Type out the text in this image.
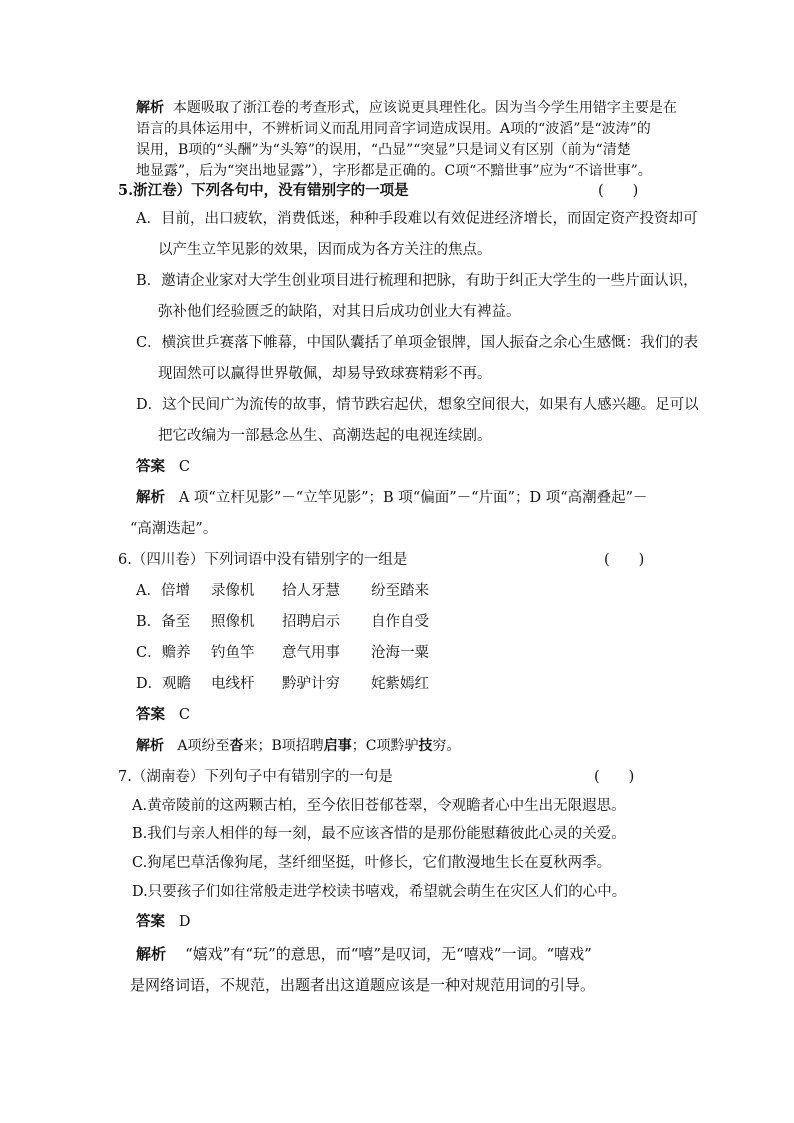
解析 本题吸取了浙江卷的考查形式，应该说更具理性化。因为当今学生用错字主要是在
语言的具体运用中，不辨析词义而乱用同音字词造成误用。A项的“波滔”是“波涛”的
误用，B项的“头酬”为“头筹”的误用，“凸显”“突显”只是词义有区别（前为“清楚
地显露”，后为“突出地显露”），字形都是正确的。C项“不黯世事”应为“不谙世事”。
5.浙江卷）下列各句中，没有错别字的一项是	(　　)
A．目前，出口疲软，消费低迷，种种手段难以有效促进经济增长，而固定资产投资却可
以产生立竿见影的效果，因而成为各方关注的焦点。
B．邀请企业家对大学生创业项目进行梳理和把脉，有助于纠正大学生的一些片面认识，
弥补他们经验匮乏的缺陷，对其日后成功创业大有裨益。
C．横滨世乒赛落下帷幕，中国队囊括了单项金银牌，国人振奋之余心生感慨：我们的表
现固然可以赢得世界敬佩，却易导致球赛精彩不再。
D．这个民间广为流传的故事，情节跌宕起伏，想象空间很大，如果有人感兴趣。足可以
把它改编为一部悬念丛生、高潮迭起的电视连续剧。
答案 C
解析 A 项“立杆见影”－“立竿见影”；B 项“偏面”－“片面”；D 项“高潮叠起”－
“高潮迭起”。
6.（四川卷）下列词语中没有错别字的一组是	(　　)
A．倍增 录像机 拾人牙慧 纷至踏来
B．备至 照像机 招聘启示 自作自受
C．赡养 钓鱼竿 意气用事 沧海一粟
D．观瞻 电线杆 黔驴计穷 姹紫嫣红
答案 C
解析 A项纷至沓来；B项招聘启事；C项黔驴技穷。
7.（湖南卷）下列句子中有错别字的一句是	(　　)
A.黄帝陵前的这两颗古柏，至今依旧苍郁苍翠，令观瞻者心中生出无限遐思。
B.我们与亲人相伴的每一刻，最不应该吝惜的是那份能慰藉彼此心灵的关爱。
C.狗尾巴草活像狗尾，茎纤细坚挺，叶修长，它们散漫地生长在夏秋两季。
D.只要孩子们如往常般走进学校读书嘻戏，希望就会萌生在灾区人们的心中。
答案 D
解析 “嬉戏”有“玩”的意思，而“嘻”是叹词，无“嘻戏”一词。“嘻戏”
是网络词语，不规范，出题者出这道题应该是一种对规范用词的引导。
